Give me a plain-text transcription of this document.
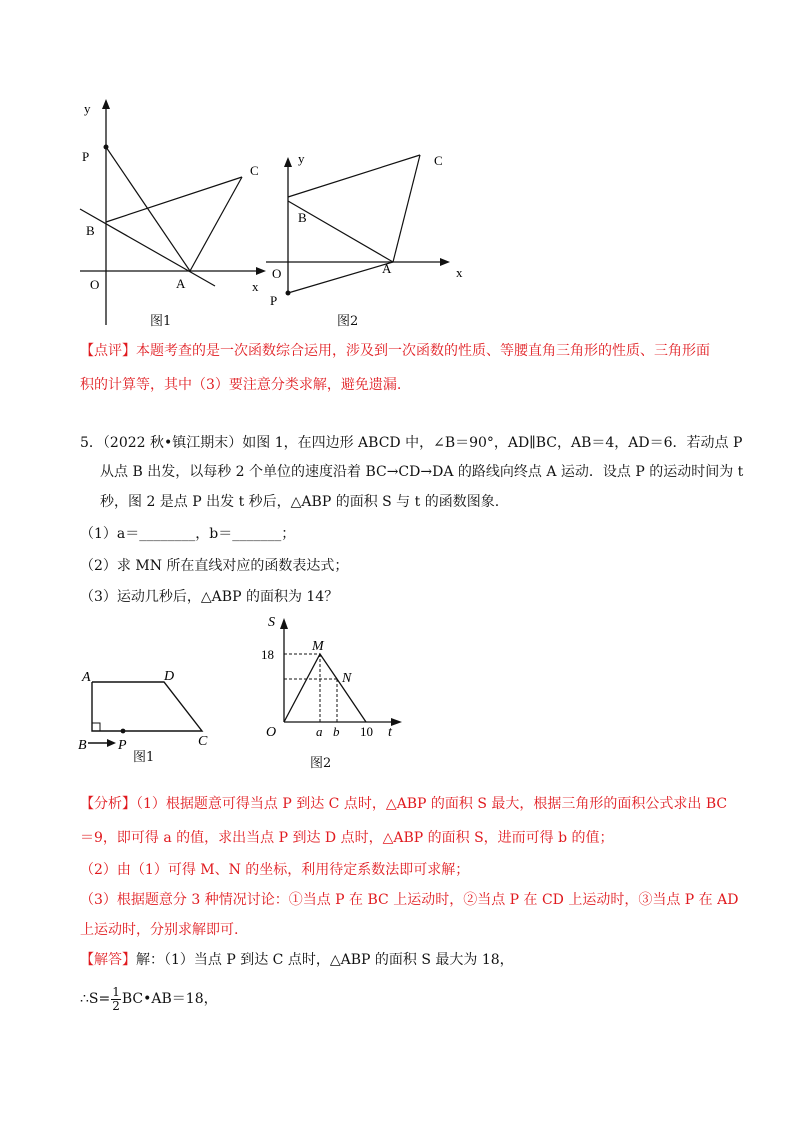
y
P
B
O	A
C
x
图1
y	C
B
O	A	x
P
图2
【点评】本题考查的是一次函数综合运用，涉及到一次函数的性质、等腰直角三角形的性质、三角形面
积的计算等，其中（3）要注意分类求解，避免遗漏.
5．（2022 秋•镇江期末）如图 1，在四边形 ABCD 中，∠B＝90°，AD∥BC，AB＝4，AD＝6．若动点 P
从点 B 出发，以每秒 2 个单位的速度沿着 BC→CD→DA 的路线向终点 A 运动．设点 P 的运动时间为 t
秒，图 2 是点 P 出发 t 秒后，△ABP 的面积 S 与 t 的函数图象.
（1）a＝________，b＝_______；
（2）求 MN 所在直线对应的函数表达式；
（3）运动几秒后，△ABP 的面积为 14？
A	D
B P	C
图1
S
18
M
N
O	a b 10 t
图2
【分析】（1）根据题意可得当点 P 到达 C 点时，△ABP 的面积 S 最大，根据三角形的面积公式求出 BC
＝9，即可得 a 的值，求出当点 P 到达 D 点时，△ABP 的面积 S，进而可得 b 的值；
（2）由（1）可得 M、N 的坐标，利用待定系数法即可求解；
（3）根据题意分 3 种情况讨论：①当点 P 在 BC 上运动时，②当点 P 在 CD 上运动时，③当点 P 在 AD
上运动时，分别求解即可.
【解答】解：（1）当点 P 到达 C 点时，△ABP 的面积 S 最大为 18，
∴S= $\frac{1}{2}$ BC•AB＝18，
